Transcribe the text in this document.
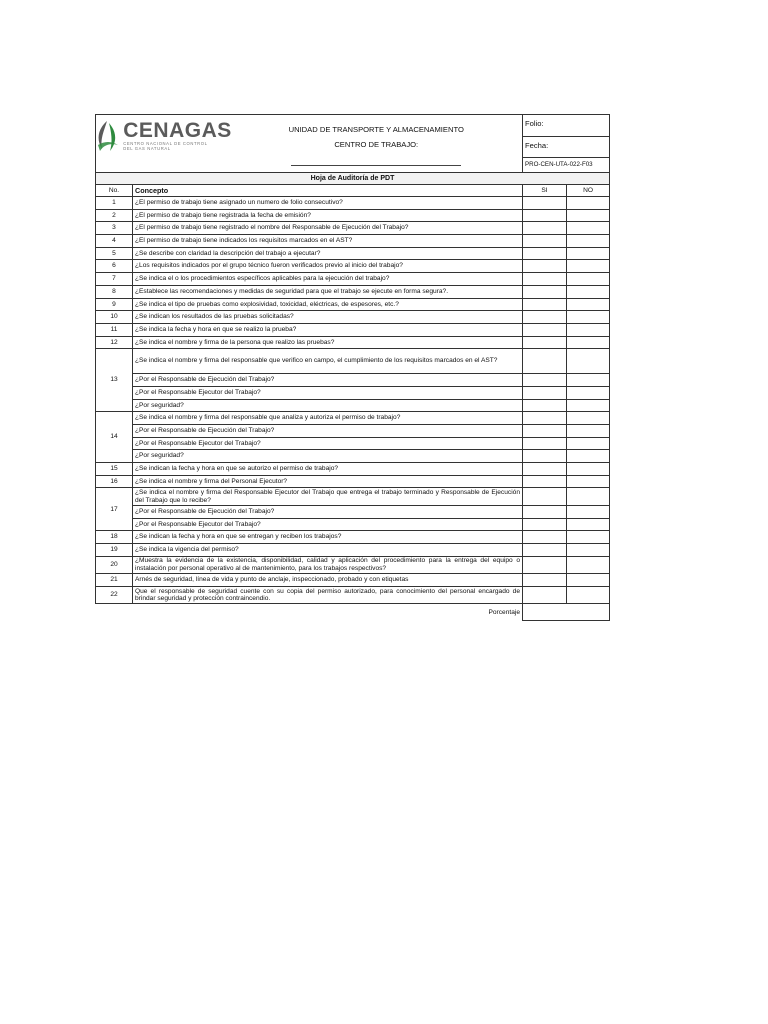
CENAGAS
CENTRO NACIONAL DE CONTROL
DEL GAS NATURAL	UNIDAD DE TRANSPORTE Y ALMACENAMIENTO	Folio:	
	CENTRO DE TRABAJO:	Fecha:	

		PRO-CEN-UTA-022-F03	
Hoja de Auditoría de PDT			
No.	Concepto	SI	NO
1	¿El permiso de trabajo tiene asignado un numero de folio consecutivo?		
2	¿El permiso de trabajo tiene registrada la fecha de emisión?		
3	¿El permiso de trabajo tiene registrado el nombre del Responsable de Ejecución del Trabajo?		
4	¿El permiso de trabajo tiene indicados los requisitos marcados en el AST?		
5	¿Se describe con claridad la descripción del trabajo a ejecutar?		
6	¿Los requisitos indicados por el grupo técnico fueron verificados previo al inicio del trabajo?		
7	¿Se indica el o los procedimientos específicos aplicables para la ejecución del trabajo?		
8	¿Establece las recomendaciones y medidas de seguridad para que el trabajo se ejecute en forma segura?.		
9	¿Se indica el tipo de pruebas como explosividad, toxicidad, eléctricas, de espesores, etc.?		
10	¿Se indican los resultados de las pruebas solicitadas?		
11	¿Se indica la fecha y hora en que se realizo la prueba?		
12	¿Se indica el nombre y firma de la persona que realizo las pruebas?		
13	¿Se indica el nombre y firma del responsable que verifico en campo, el cumplimiento de los requisitos marcados en el AST?		
	¿Por el Responsable de Ejecución del Trabajo?		
	¿Por el Responsable Ejecutor del Trabajo?		
	¿Por seguridad?		
14	¿Se indica el nombre y firma del responsable que analiza y autoriza el permiso de trabajo?		
	¿Por el Responsable de Ejecución del Trabajo?		
	¿Por el Responsable Ejecutor del Trabajo?		
	¿Por seguridad?		
15	¿Se indican la fecha y hora en que se autorizo el permiso de trabajo?		
16	¿Se indica el nombre y firma del Personal Ejecutor?		
17	¿Se indica el nombre y firma del Responsable Ejecutor del Trabajo que entrega el trabajo terminado y Responsable de Ejecución del Trabajo que lo recibe?		
	¿Por el Responsable de Ejecución del Trabajo?		
	¿Por el Responsable Ejecutor del Trabajo?		
18	¿Se indican la fecha y hora en que se entregan y reciben los trabajos?		
19	¿Se indica la vigencia del permiso?		
20	¿Muestra la evidencia de la existencia, disponibilidad, calidad y aplicación del procedimiento para la entrega del equipo o instalación por personal operativo al de mantenimiento, para los trabajos respectivos?		
21	Arnés de seguridad, línea de vida y punto de anclaje, inspeccionado, probado y con etiquetas		
22	Que el responsable de seguridad cuente con su copia del permiso autorizado, para conocimiento del personal encargado de brindar seguridad y protección contraincendio.		
Porcentaje			
